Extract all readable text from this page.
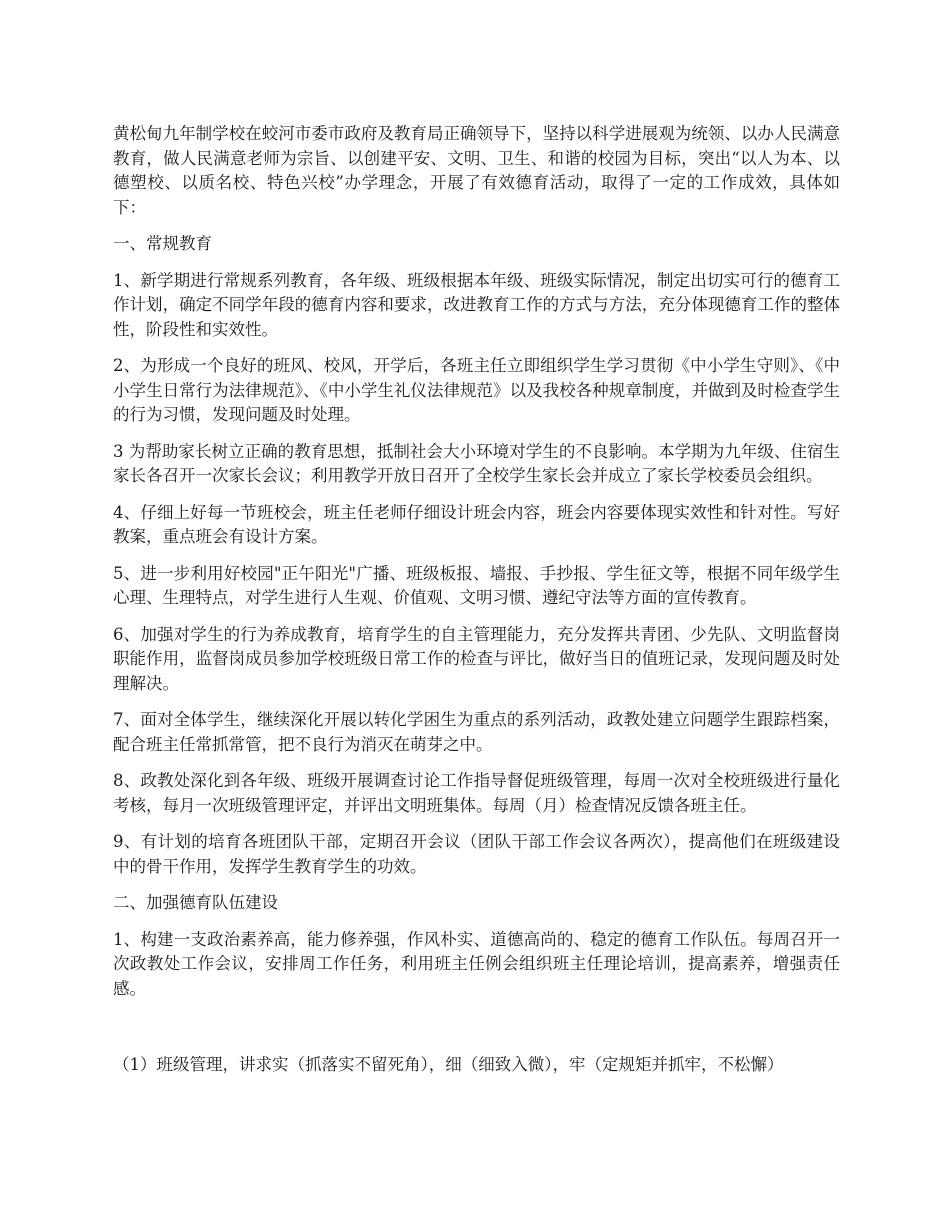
黄松甸九年制学校在蛟河市委市政府及教育局正确领导下，坚持以科学进展观为统领、以办人民满意教育，做人民满意老师为宗旨、以创建平安、文明、卫生、和谐的校园为目标，突出“以人为本、以德塑校、以质名校、特色兴校”办学理念，开展了有效德育活动，取得了一定的工作成效，具体如下：

一、常规教育

1、新学期进行常规系列教育，各年级、班级根据本年级、班级实际情况，制定出切实可行的德育工作计划，确定不同学年段的德育内容和要求，改进教育工作的方式与方法，充分体现德育工作的整体性，阶段性和实效性。

2、为形成一个良好的班风、校风，开学后，各班主任立即组织学生学习贯彻《中小学生守则》、《中小学生日常行为法律规范》、《中小学生礼仪法律规范》以及我校各种规章制度，并做到及时检查学生的行为习惯，发现问题及时处理。

3 为帮助家长树立正确的教育思想，抵制社会大小环境对学生的不良影响。本学期为九年级、住宿生家长各召开一次家长会议；利用教学开放日召开了全校学生家长会并成立了家长学校委员会组织。

4、仔细上好每一节班校会，班主任老师仔细设计班会内容，班会内容要体现实效性和针对性。写好教案，重点班会有设计方案。

5、进一步利用好校园"正午阳光"广播、班级板报、墙报、手抄报、学生征文等，根据不同年级学生心理、生理特点，对学生进行人生观、价值观、文明习惯、遵纪守法等方面的宣传教育。

6、加强对学生的行为养成教育，培育学生的自主管理能力，充分发挥共青团、少先队、文明监督岗职能作用，监督岗成员参加学校班级日常工作的检查与评比，做好当日的值班记录，发现问题及时处理解决。

7、面对全体学生，继续深化开展以转化学困生为重点的系列活动，政教处建立问题学生跟踪档案，配合班主任常抓常管，把不良行为消灭在萌芽之中。

8、政教处深化到各年级、班级开展调查讨论工作指导督促班级管理，每周一次对全校班级进行量化考核，每月一次班级管理评定，并评出文明班集体。每周（月）检查情况反馈各班主任。

9、有计划的培育各班团队干部，定期召开会议（团队干部工作会议各两次），提高他们在班级建设中的骨干作用，发挥学生教育学生的功效。

二、加强德育队伍建设

1、构建一支政治素养高，能力修养强，作风朴实、道德高尚的、稳定的德育工作队伍。每周召开一次政教处工作会议，安排周工作任务，利用班主任例会组织班主任理论培训，提高素养，增强责任感。

（1）班级管理，讲求实（抓落实不留死角），细（细致入微），牢（定规矩并抓牢，不松懈）
